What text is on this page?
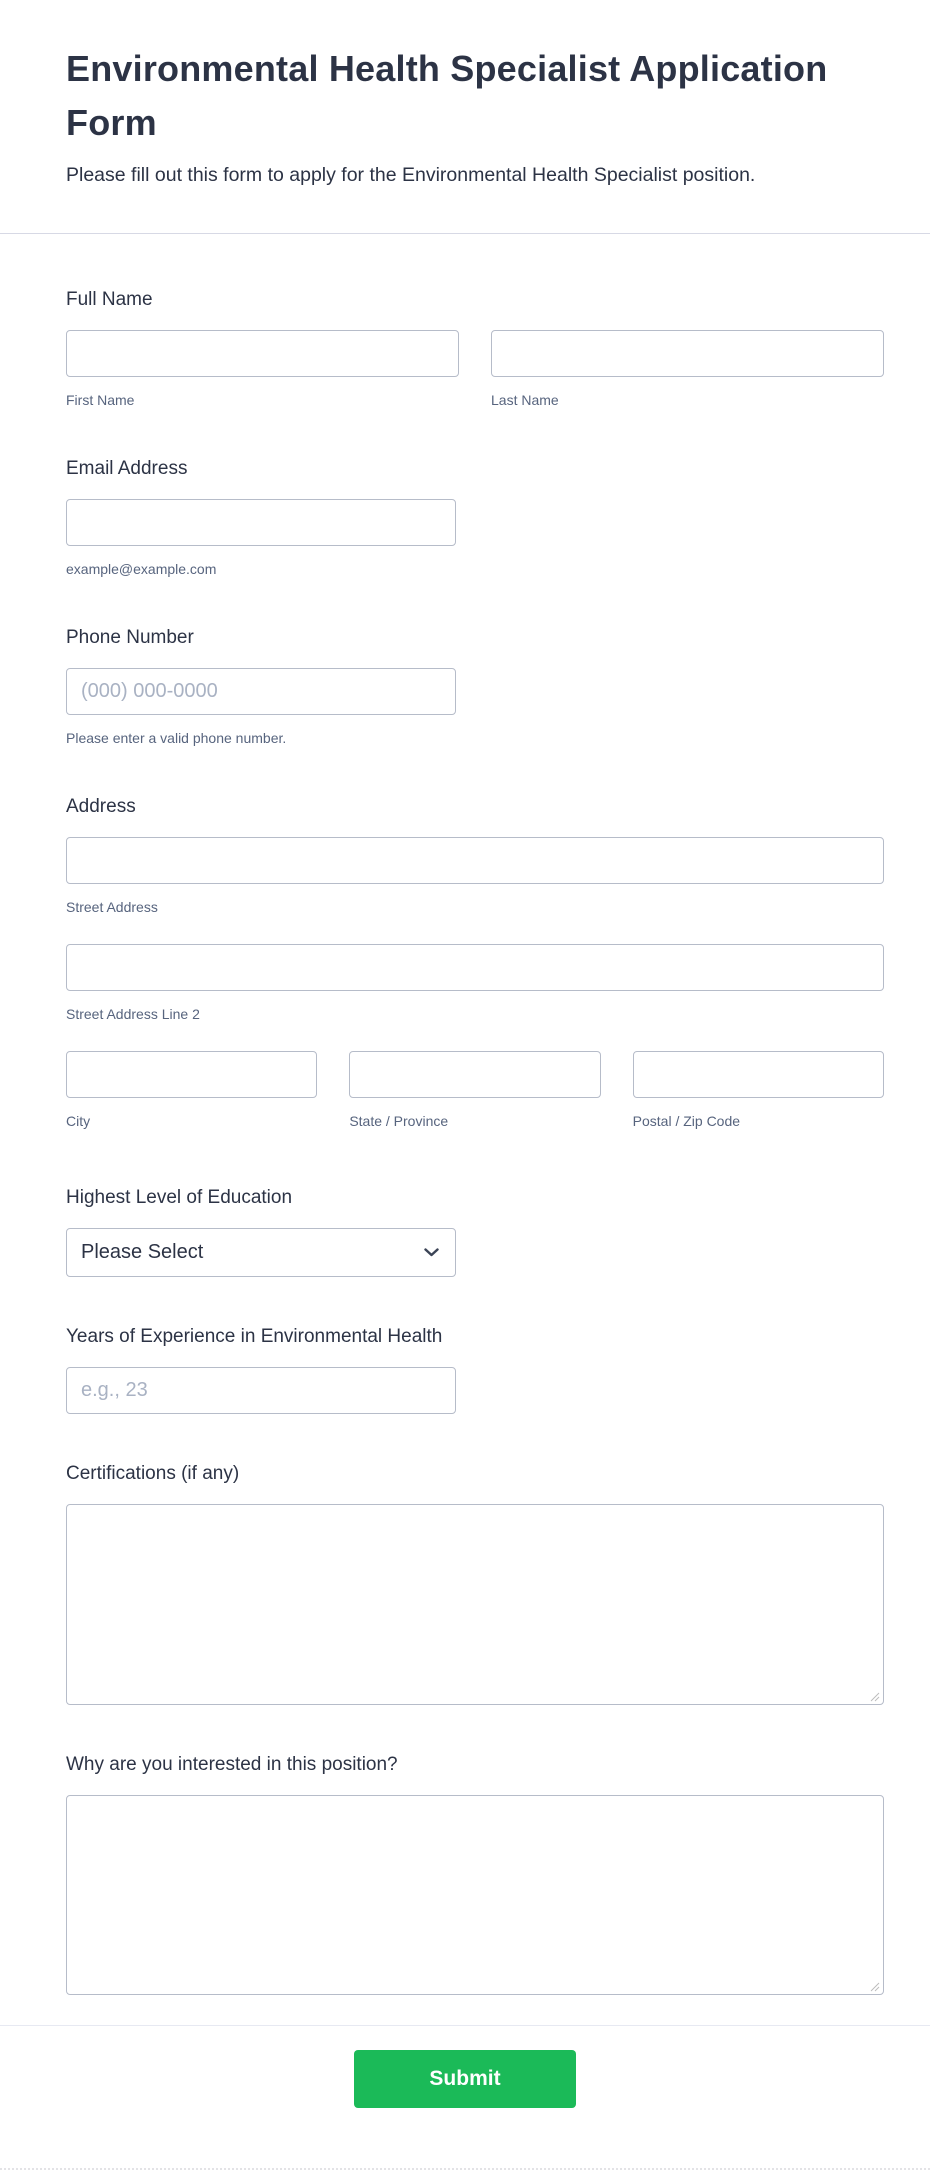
Environmental Health Specialist Application Form
Please fill out this form to apply for the Environmental Health Specialist position.
Full Name
First Name	Last Name
Email Address
example@example.com
Phone Number
(000) 000-0000
Please enter a valid phone number.
Address
Street Address
Street Address Line 2
City	State / Province	Postal / Zip Code
Highest Level of Education
Please Select
Years of Experience in Environmental Health
e.g., 23
Certifications (if any)
Why are you interested in this position?
Submit
